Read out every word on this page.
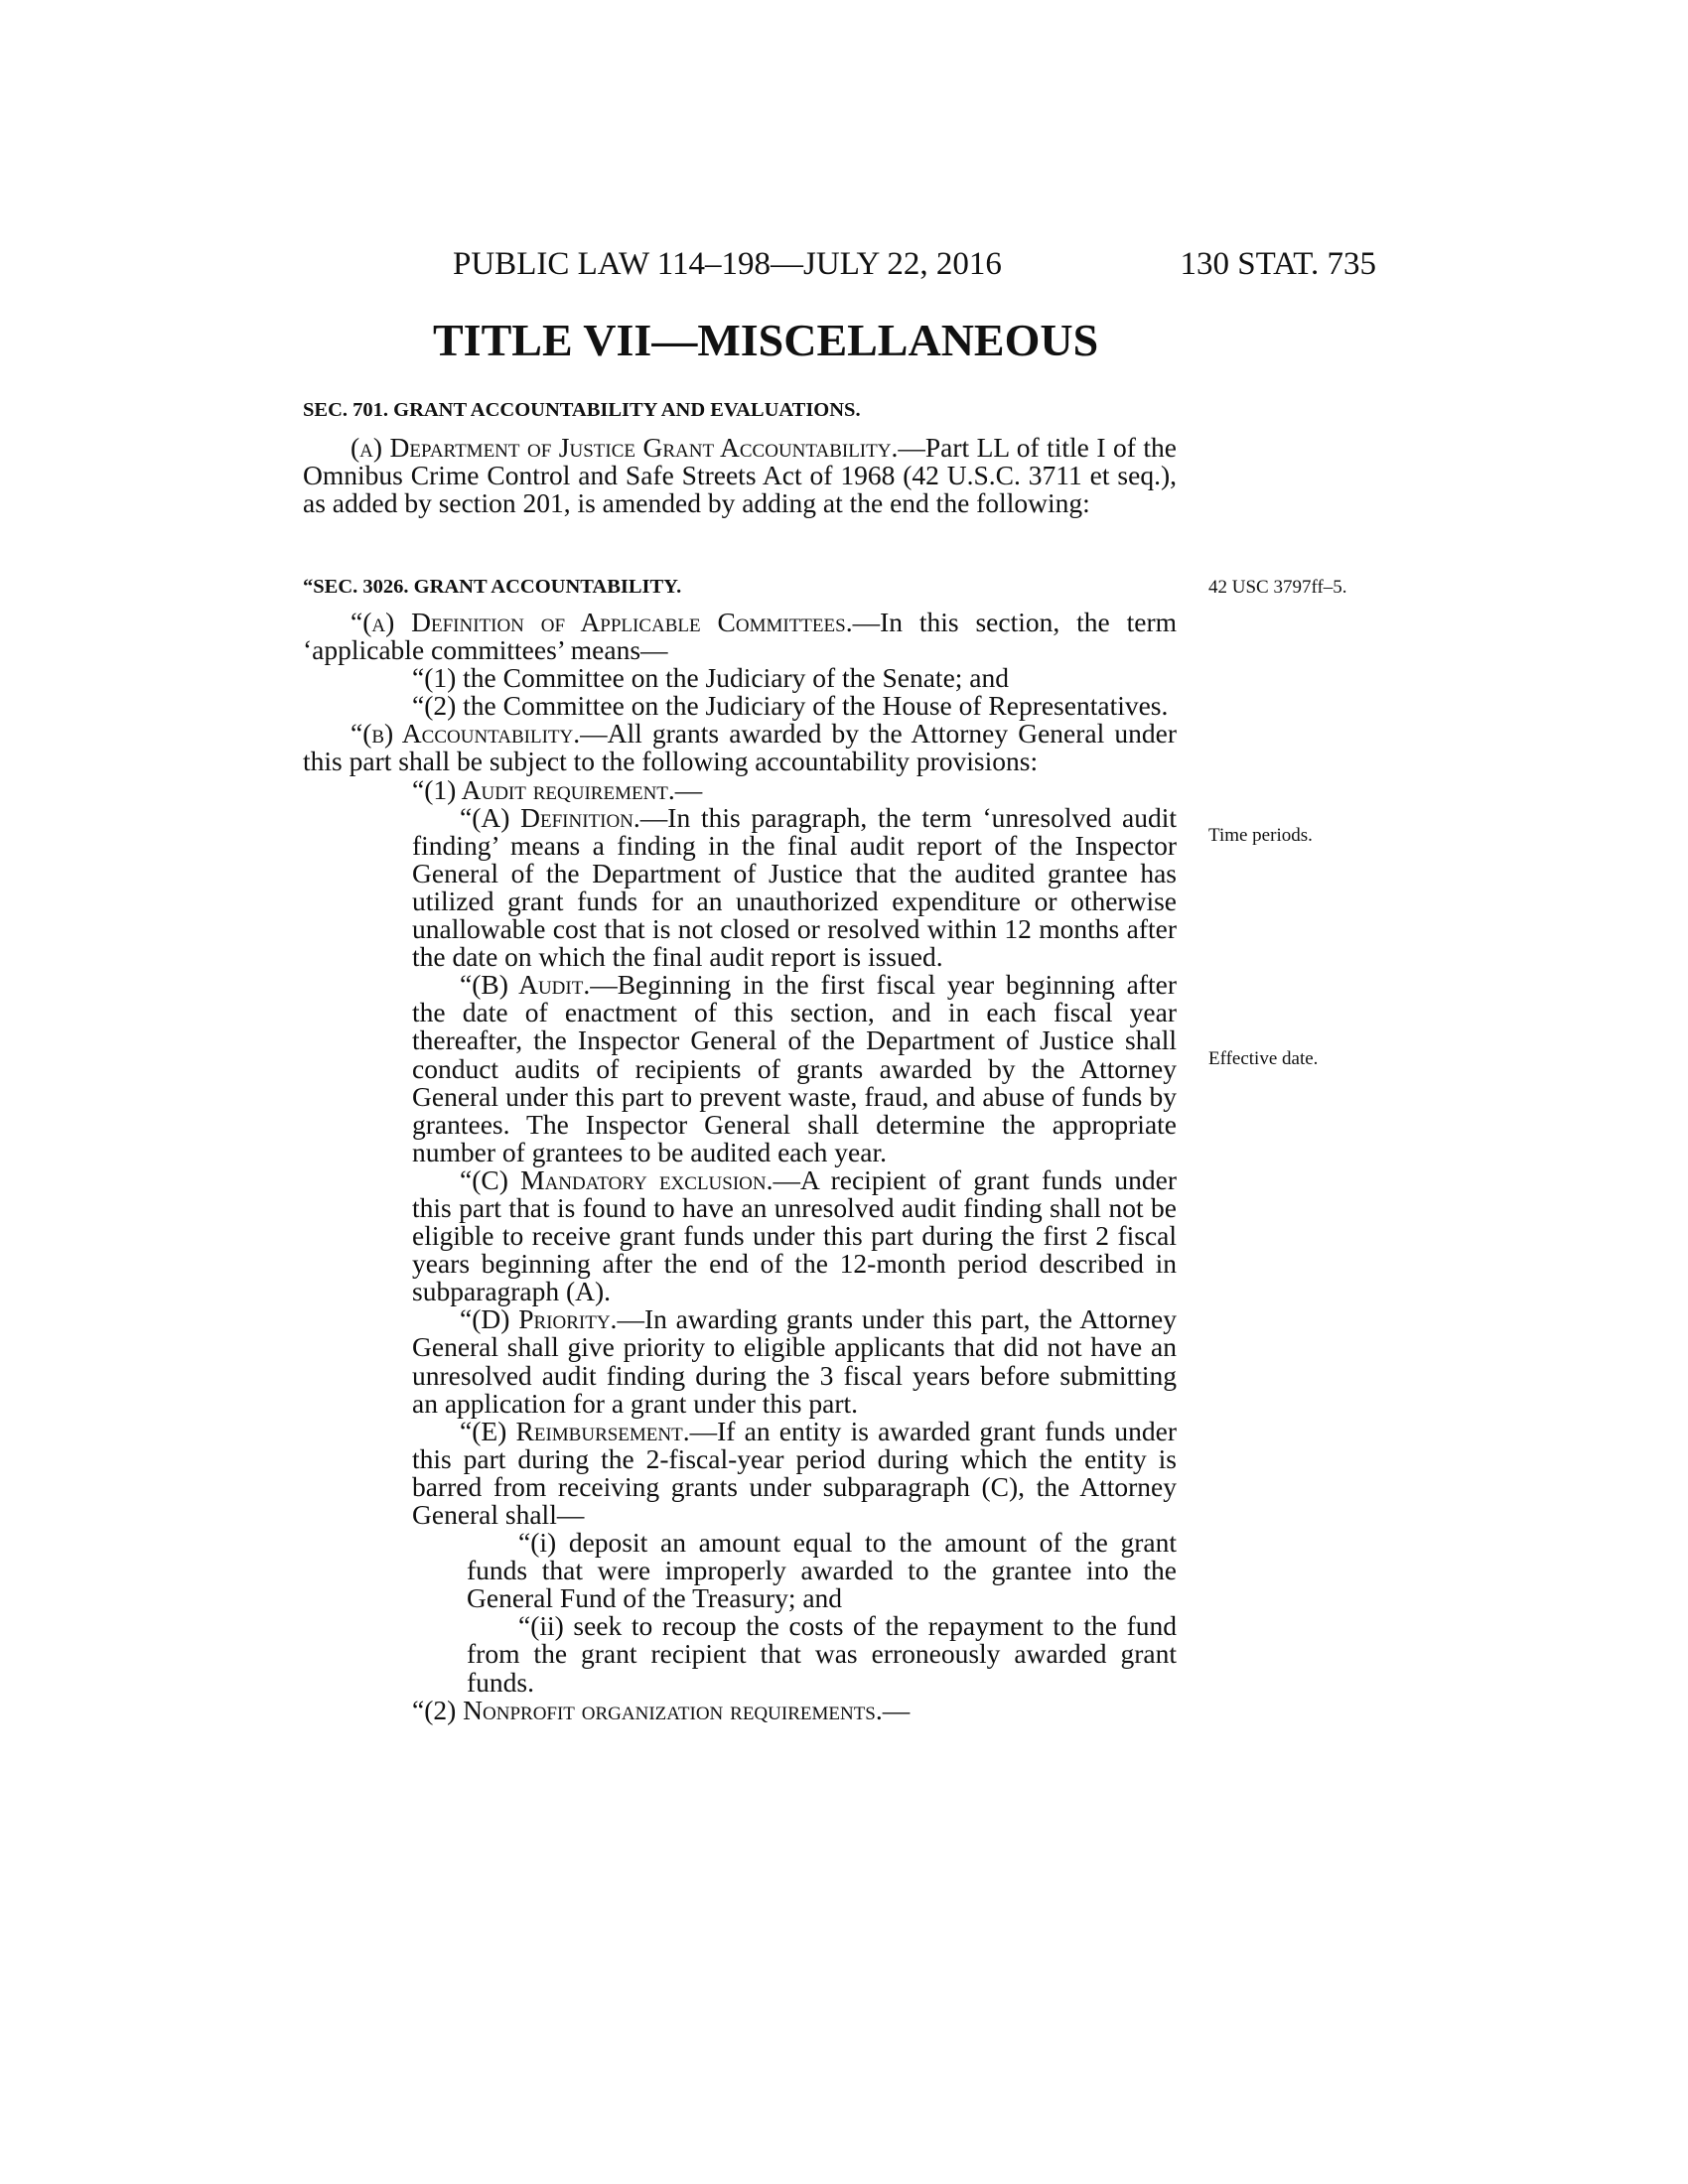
PUBLIC LAW 114–198—JULY 22, 2016	130 STAT. 735
TITLE VII—MISCELLANEOUS
SEC. 701. GRANT ACCOUNTABILITY AND EVALUATIONS.

(a) Department of Justice Grant Accountability.—Part LL of title I of the Omnibus Crime Control and Safe Streets Act of 1968 (42 U.S.C. 3711 et seq.), as added by section 201, is amended by adding at the end the following:

“SEC. 3026. GRANT ACCOUNTABILITY.	42 USC 3797ff–5.

“(a) Definition of Applicable Committees.—In this section, the term ‘applicable committees’ means—

“(1) the Committee on the Judiciary of the Senate; and

“(2) the Committee on the Judiciary of the House of Representatives.

“(b) Accountability.—All grants awarded by the Attorney General under this part shall be subject to the following accountability provisions:

“(1) Audit requirement.—

“(A) Definition.—In this paragraph, the term ‘unresolved audit finding’ means a finding in the final audit report of the Inspector General of the Department of Justice that the audited grantee has utilized grant funds for an unauthorized expenditure or otherwise unallowable cost that is not closed or resolved within 12 months after the date on which the final audit report is issued.

“(B) Audit.—Beginning in the first fiscal year beginning after the date of enactment of this section, and in each fiscal year thereafter, the Inspector General of the Department of Justice shall conduct audits of recipients of grants awarded by the Attorney General under this part to prevent waste, fraud, and abuse of funds by grantees. The Inspector General shall determine the appropriate number of grantees to be audited each year.

“(C) Mandatory exclusion.—A recipient of grant funds under this part that is found to have an unresolved audit finding shall not be eligible to receive grant funds under this part during the first 2 fiscal years beginning after the end of the 12-month period described in subparagraph (A).

“(D) Priority.—In awarding grants under this part, the Attorney General shall give priority to eligible applicants that did not have an unresolved audit finding during the 3 fiscal years before submitting an application for a grant under this part.

“(E) Reimbursement.—If an entity is awarded grant funds under this part during the 2-fiscal-year period during which the entity is barred from receiving grants under subparagraph (C), the Attorney General shall—

“(i) deposit an amount equal to the amount of the grant funds that were improperly awarded to the grantee into the General Fund of the Treasury; and

“(ii) seek to recoup the costs of the repayment to the fund from the grant recipient that was erroneously awarded grant funds.

“(2) Nonprofit organization requirements.—

Time periods.
Effective date.
